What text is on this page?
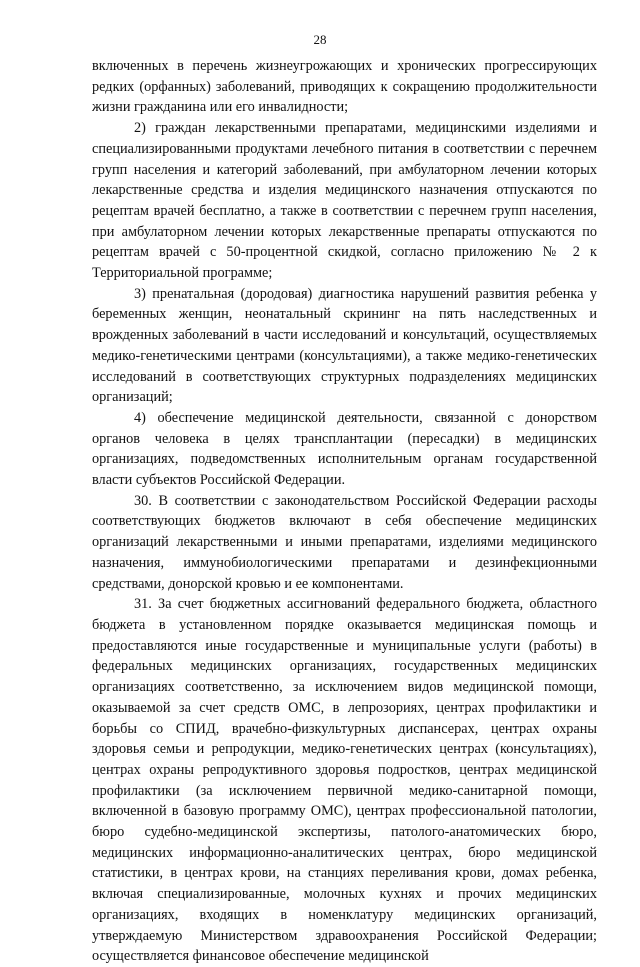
28

включенных в перечень жизнеугрожающих и хронических прогрессирующих редких (орфанных) заболеваний, приводящих к сокращению продолжительности жизни гражданина или его инвалидности;

2) граждан лекарственными препаратами, медицинскими изделиями и специализированными продуктами лечебного питания в соответствии с перечнем групп населения и категорий заболеваний, при амбулаторном лечении которых лекарственные средства и изделия медицинского назначения отпускаются по рецептам врачей бесплатно, а также в соответствии с перечнем групп населения, при амбулаторном лечении которых лекарственные препараты отпускаются по рецептам врачей с 50-процентной скидкой, согласно приложению № 2 к Территориальной программе;

3) пренатальная (дородовая) диагностика нарушений развития ребенка у беременных женщин, неонатальный скрининг на пять наследственных и врожденных заболеваний в части исследований и консультаций, осуществляемых медико-генетическими центрами (консультациями), а также медико-генетических исследований в соответствующих структурных подразделениях медицинских организаций;

4) обеспечение медицинской деятельности, связанной с донорством органов человека в целях трансплантации (пересадки) в медицинских организациях, подведомственных исполнительным органам государственной власти субъектов Российской Федерации.

30. В соответствии с законодательством Российской Федерации расходы соответствующих бюджетов включают в себя обеспечение медицинских организаций лекарственными и иными препаратами, изделиями медицинского назначения, иммунобиологическими препаратами и дезинфекционными средствами, донорской кровью и ее компонентами.

31. За счет бюджетных ассигнований федерального бюджета, областного бюджета в установленном порядке оказывается медицинская помощь и предоставляются иные государственные и муниципальные услуги (работы) в федеральных медицинских организациях, государственных медицинских организациях соответственно, за исключением видов медицинской помощи, оказываемой за счет средств ОМС, в лепрозориях, центрах профилактики и борьбы со СПИД, врачебно-физкультурных диспансерах, центрах охраны здоровья семьи и репродукции, медико-генетических центрах (консультациях), центрах охраны репродуктивного здоровья подростков, центрах медицинской профилактики (за исключением первичной медико-санитарной помощи, включенной в базовую программу ОМС), центрах профессиональной патологии, бюро судебно-медицинской экспертизы, патолого-анатомических бюро, медицинских информационно-аналитических центрах, бюро медицинской статистики, в центрах крови, на станциях переливания крови, домах ребенка, включая специализированные, молочных кухнях и прочих медицинских организациях, входящих в номенклатуру медицинских организаций, утверждаемую Министерством здравоохранения Российской Федерации; осуществляется финансовое обеспечение медицинской
